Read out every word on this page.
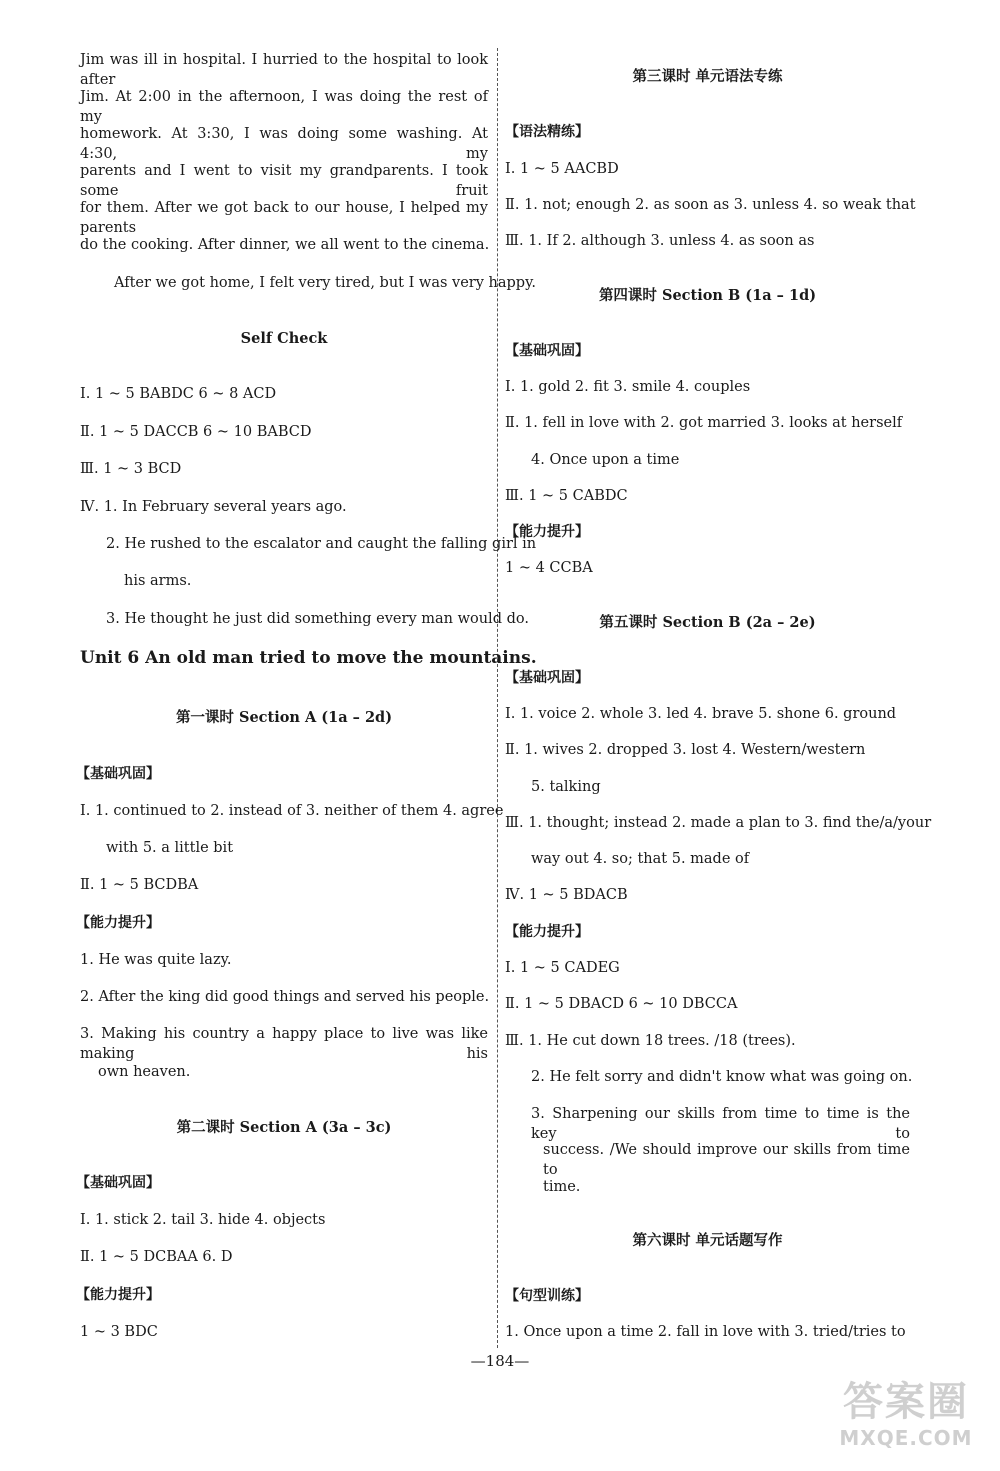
Jim was ill in hospital. I hurried to the hospital to look after
Jim. At 2:00 in the afternoon, I was doing the rest of my
homework. At 3:30, I was doing some washing. At 4:30, my
parents and I went to visit my grandparents. I took some fruit
for them. After we got back to our house, I helped my parents
do the cooking. After dinner, we all went to the cinema.
After we got home, I felt very tired, but I was very happy.
Self Check
Ⅰ. 1 ~ 5 BABDC 6 ~ 8 ACD
Ⅱ. 1 ~ 5 DACCB 6 ~ 10 BABCD
Ⅲ. 1 ~ 3 BCD
Ⅳ. 1. In February several years ago.
2. He rushed to the escalator and caught the falling girl in
his arms.
3. He thought he just did something every man would do.
Unit 6 An old man tried to move the mountains.
第一课时 Section A (1a – 2d)
【基础巩固】
Ⅰ. 1. continued to 2. instead of 3. neither of them 4. agree
with 5. a little bit
Ⅱ. 1 ~ 5 BCDBA
【能力提升】
1. He was quite lazy.
2. After the king did good things and served his people.
3. Making his country a happy place to live was like making his
own heaven.
第二课时 Section A (3a – 3c)
【基础巩固】
Ⅰ. 1. stick 2. tail 3. hide 4. objects
Ⅱ. 1 ~ 5 DCBAA 6. D
【能力提升】
1 ~ 3 BDC
第三课时 单元语法专练
【语法精练】
Ⅰ. 1 ~ 5 AACBD
Ⅱ. 1. not; enough 2. as soon as 3. unless 4. so weak that
Ⅲ. 1. If 2. although 3. unless 4. as soon as
第四课时 Section B (1a – 1d)
【基础巩固】
Ⅰ. 1. gold 2. fit 3. smile 4. couples
Ⅱ. 1. fell in love with 2. got married 3. looks at herself
4. Once upon a time
Ⅲ. 1 ~ 5 CABDC
【能力提升】
1 ~ 4 CCBA
第五课时 Section B (2a – 2e)
【基础巩固】
Ⅰ. 1. voice 2. whole 3. led 4. brave 5. shone 6. ground
Ⅱ. 1. wives 2. dropped 3. lost 4. Western/western
5. talking
Ⅲ. 1. thought; instead 2. made a plan to 3. find the/a/your
way out 4. so; that 5. made of
Ⅳ. 1 ~ 5 BDACB
【能力提升】
Ⅰ. 1 ~ 5 CADEG
Ⅱ. 1 ~ 5 DBACD 6 ~ 10 DBCCA
Ⅲ. 1. He cut down 18 trees. /18 (trees).
2. He felt sorry and didn't know what was going on.
3. Sharpening our skills from time to time is the key to
success. /We should improve our skills from time to
time.
第六课时 单元话题写作
【句型训练】
1. Once upon a time 2. fall in love with 3. tried/tries to
—184—
答案圈
MXQE.COM
